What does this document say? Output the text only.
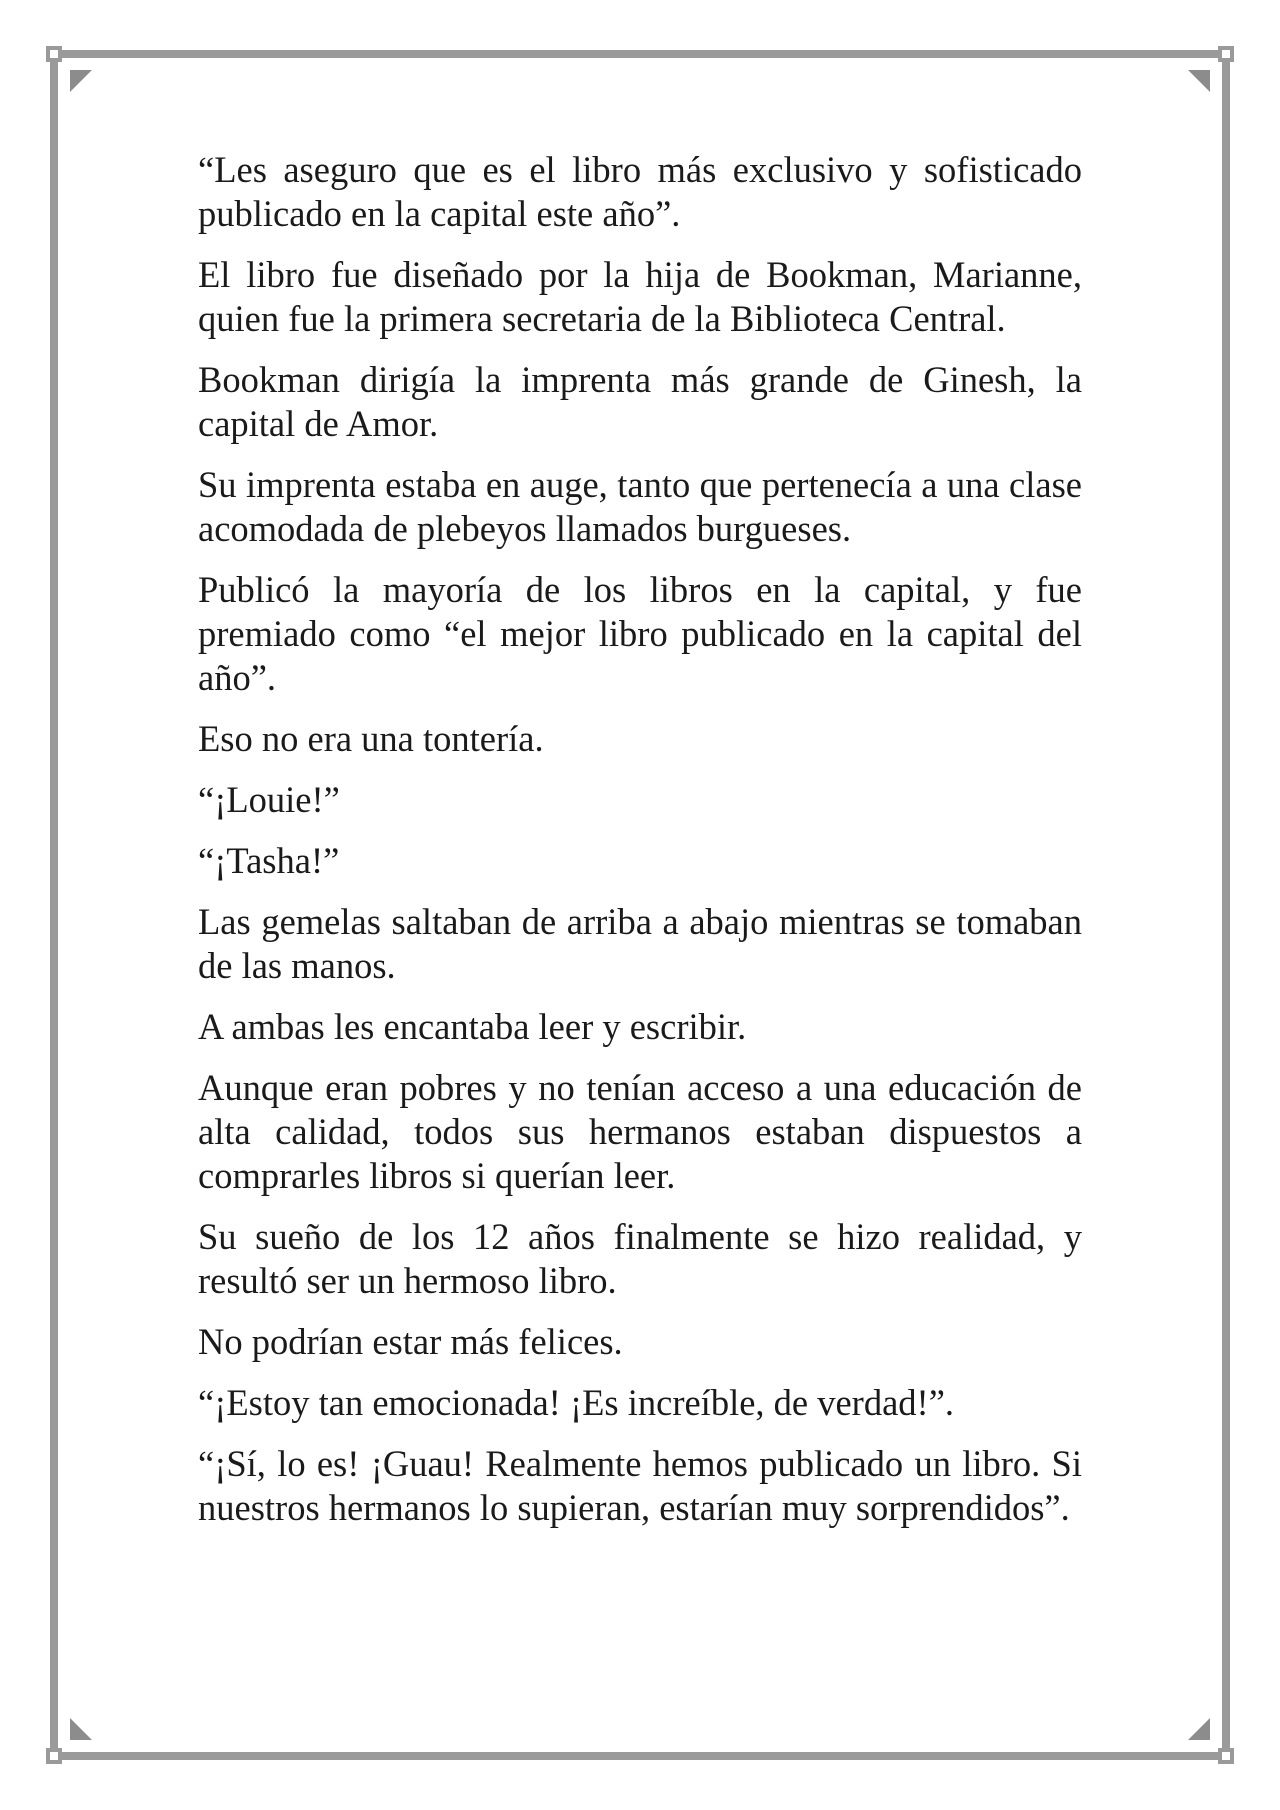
“Les aseguro que es el libro más exclusivo y sofisticado publicado en la capital este año”.

El libro fue diseñado por la hija de Bookman, Marianne, quien fue la primera secretaria de la Biblioteca Central.

Bookman dirigía la imprenta más grande de Ginesh, la capital de Amor.

Su imprenta estaba en auge, tanto que pertenecía a una clase acomodada de plebeyos llamados burgueses.

Publicó la mayoría de los libros en la capital, y fue premiado como “el mejor libro publicado en la capital del año”.

Eso no era una tontería.

“¡Louie!”

“¡Tasha!”

Las gemelas saltaban de arriba a abajo mientras se tomaban de las manos.

A ambas les encantaba leer y escribir.

Aunque eran pobres y no tenían acceso a una educación de alta calidad, todos sus hermanos estaban dispuestos a comprarles libros si querían leer.

Su sueño de los 12 años finalmente se hizo realidad, y resultó ser un hermoso libro.

No podrían estar más felices.

“¡Estoy tan emocionada! ¡Es increíble, de verdad!”.

“¡Sí, lo es! ¡Guau! Realmente hemos publicado un libro. Si nuestros hermanos lo supieran, estarían muy sorprendidos”.
